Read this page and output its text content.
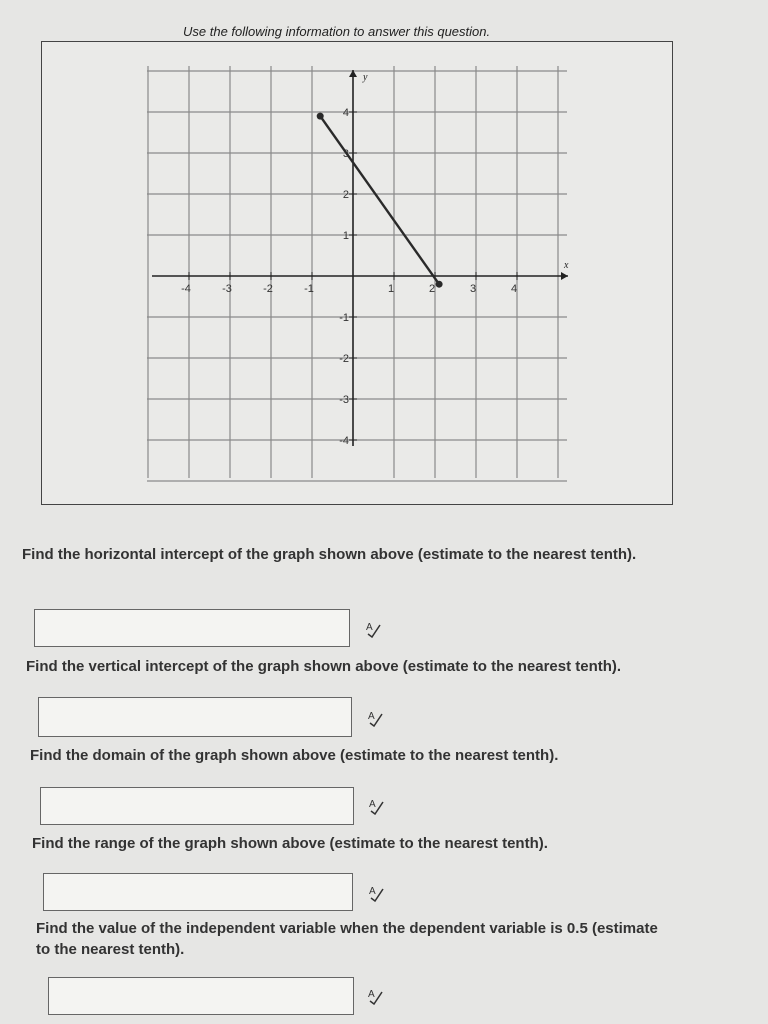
Use the following information to answer this question.
x
y
-4	-3	-2	-1	1	2	3	4
4
3
2
1
-1
-2
-3
-4
Find the horizontal intercept of the graph shown above (estimate to the nearest tenth).
A
Find the vertical intercept of the graph shown above (estimate to the nearest tenth).
A
Find the domain of the graph shown above (estimate to the nearest tenth).
A
Find the range of the graph shown above (estimate to the nearest tenth).
A
Find the value of the independent variable when the dependent variable is 0.5 (estimate to the nearest tenth).
A
